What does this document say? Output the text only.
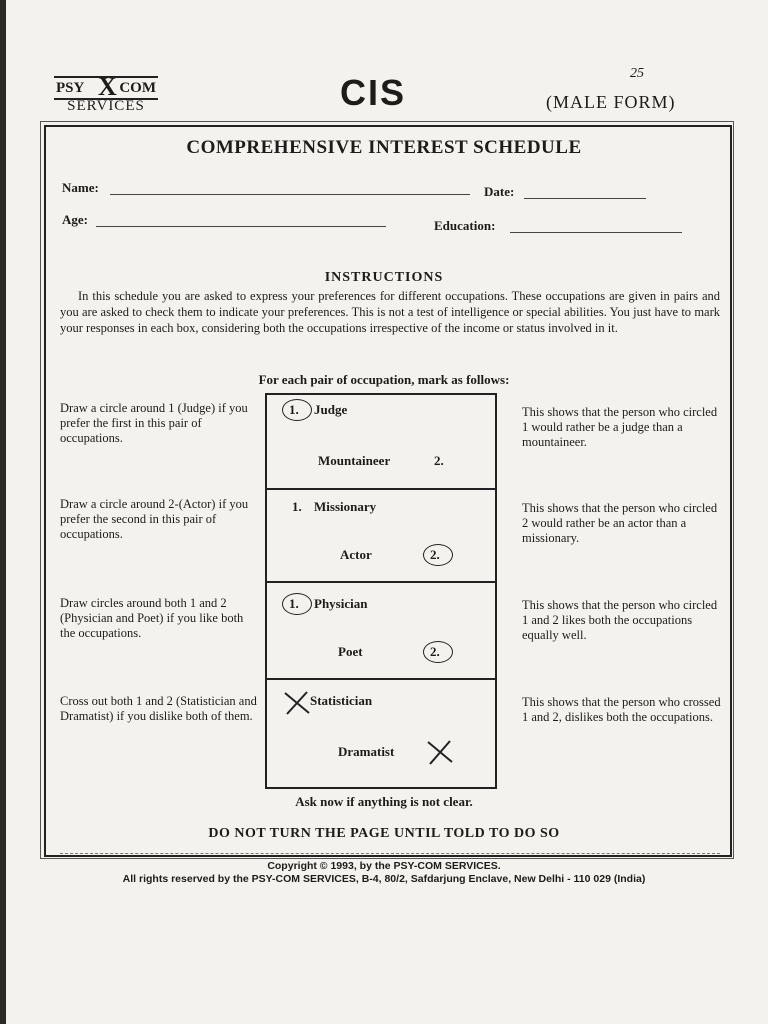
PSY X COM
SERVICES	CIS	25
(MALE FORM)
COMPREHENSIVE INTEREST SCHEDULE
Name:	Date:
Age:	Education:
INSTRUCTIONS
In this schedule you are asked to express your preferences for different occupations. These occupations are given in pairs and you are asked to check them to indicate your preferences. This is not a test of intelligence or special abilities. You just have to mark your responses in each box, considering both the occupations irrespective of the income or status involved in it.
For each pair of occupation, mark as follows:
Draw a circle around 1 (Judge) if you prefer the first in this pair of occupations.
1. Judge
Mountaineer	2.
This shows that the person who circled 1 would rather be a judge than a mountaineer.
Draw a circle around 2-(Actor) if you prefer the second in this pair of occupations.
1. Missionary
Actor	2.
This shows that the person who circled 2 would rather be an actor than a missionary.
Draw circles around both 1 and 2 (Physician and Poet) if you like both the occupations.
1. Physician
Poet	2.
This shows that the person who circled 1 and 2 likes both the occupations equally well.
Cross out both 1 and 2 (Statistician and Dramatist) if you dislike both of them.
Statistician
Dramatist
This shows that the person who crossed 1 and 2, dislikes both the occupations.
Ask now if anything is not clear.
DO NOT TURN THE PAGE UNTIL TOLD TO DO SO
Copyright © 1993, by the PSY-COM SERVICES.
All rights reserved by the PSY-COM SERVICES, B-4, 80/2, Safdarjung Enclave, New Delhi - 110 029 (India)
